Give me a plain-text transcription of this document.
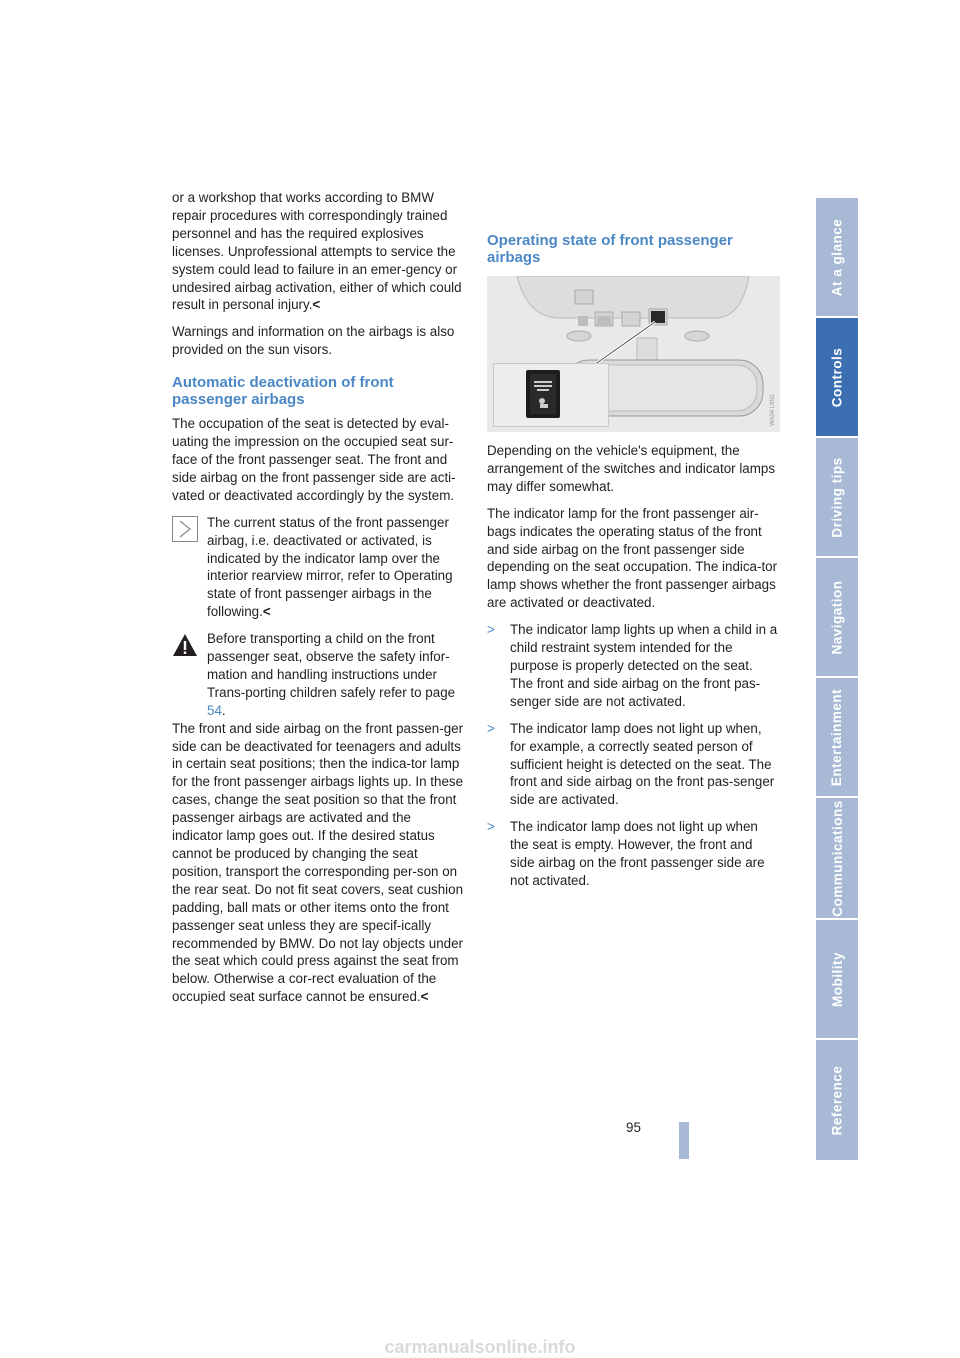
or a workshop that works according to BMW repair procedures with correspondingly trained personnel and has the required explosives licenses. Unprofessional attempts to service the system could lead to failure in an emer-gency or undesired airbag activation, either of which could result in personal injury.<

Warnings and information on the airbags is also provided on the sun visors.

Automatic deactivation of front passenger airbags

The occupation of the seat is detected by eval-uating the impression on the occupied seat sur-face of the front passenger seat. The front and side airbag on the front passenger side are acti-vated or deactivated accordingly by the system.

The current status of the front passenger airbag, i.e. deactivated or activated, is indicated by the indicator lamp over the interior rearview mirror, refer to Operating state of front passenger airbags in the following.<
Before transporting a child on the front passenger seat, observe the safety infor-mation and handling instructions under Trans-porting children safely refer to page 54.
The front and side airbag on the front passen-ger side can be deactivated for teenagers and adults in certain seat positions; then the indica-tor lamp for the front passenger airbags lights up. In these cases, change the seat position so that the front passenger airbags are activated and the indicator lamp goes out. If the desired status cannot be produced by changing the seat position, transport the corresponding per-son on the rear seat. Do not fit seat covers, seat cushion padding, ball mats or other items onto the front passenger seat unless they are specif-ically recommended by BMW. Do not lay objects under the seat which could press against the seat from below. Otherwise a cor-rect evaluation of the occupied seat surface cannot be ensured.<
Operating state of front passenger airbags
WA04 L8N1

Depending on the vehicle's equipment, the arrangement of the switches and indicator lamps may differ somewhat.

The indicator lamp for the front passenger air-bags indicates the operating status of the front and side airbag on the front passenger side depending on the seat occupation. The indica-tor lamp shows whether the front passenger airbags are activated or deactivated.

> The indicator lamp lights up when a child in a child restraint system intended for the purpose is properly detected on the seat. The front and side airbag on the front pas-senger side are not activated.
> The indicator lamp does not light up when, for example, a correctly seated person of sufficient height is detected on the seat. The front and side airbag on the front pas-senger side are activated.
> The indicator lamp does not light up when the seat is empty. However, the front and side airbag on the front passenger side are not activated.
At a glance
Controls
Driving tips
Navigation
Entertainment
Communications
Mobility
Reference
95
carmanualsonline.info
